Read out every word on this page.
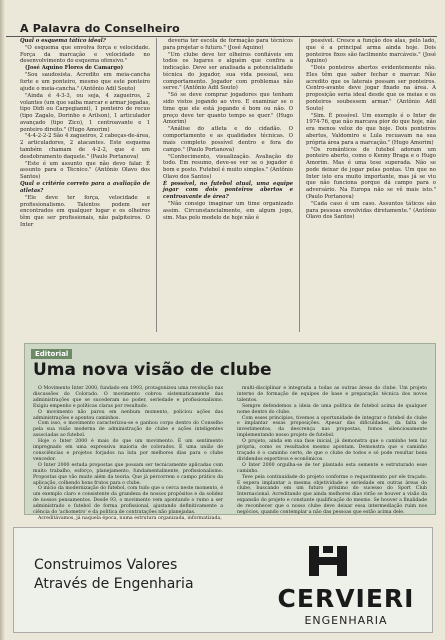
A Palavra do Conselheiro

Qual o esquema tático ideal?

"O esquema que envolva força e velocidade. Força da marcação e velocidade no desenvolvimento do esquema ofensivo."

(José Aquino Flores de Camargo)

"Sou saudosista. Acredito em meia-cancha forte e um ponteiro, mesmo que este ponteiro ajude o meia-cancha." (Antônio Adil Souto)

"Ainda é 4-3-3, ou seja, 4 zagueiros, 2 volantes (um que saiba marcar e armar jogadas, tipo Didi ou Carpegianni), 1 ponteiro de recuo (tipo Zagalo, Dorinho e Arilson), 1 articulador avançado (tipo Zico), 1 centroavante e 1 ponteiro direito." (Hugo Amorim)

"4-4-2-2-2 São 4 zagueiros, 2 cabeças-de-área, 2 articuladores, 2 atacantes. Este esquema também chamam de 4-2-2, que é um desdobramento daquele." (Paulo Portanova)

"Este é um assunto que não devo falar. É assunto para o Técnico." (Antônio Olavo dos Santos)

Qual o critério correto para a avaliação de atletas?

"Ele deve ter força, velocidade e profissionalismo. Talentos podem ser encontrados em qualquer lugar e os olheiros têm que ser profissionais, não palpiteiros. O Inter

deveria ter escola de formação para técnicos para projetar o futuro." (José Aquino)

"Um clube deve ter olheiros confiáveis em todos os lugares e alguém que confira a indicação. Deve ser analisada a potencialidade técnica do jogador, sua vida pessoal, seu comportamento. Jogador com problemas não serve." (Antônio Adil Souto)

"Só se deve comprar jogadores que tenham sido vistos jogando ao vivo. E examinar se o time que ele está jogando é bom ou não. O preço deve ter quanto tempo se quer." (Hugo Amorim)

"Análise do atleta e do cidadão. O comportamento e as qualidades técnicas. O mais completo possível dentro e fora do campo." (Paulo Portanova)

"Conhecimento, visualização. Avaliação do todo. Em resumo, deve-se ver se o jogador é bom e posto. Futebol é muito simples." (Antônio Olavo dos Santos)

É possível, no futebol atual, uma equipe jogar com dois ponteiros abertos e centroavante de área?

"Não consigo imaginar um time organizado assim. Circunstancialmente, em algum jogo, sim. Mas pelo modelo de hoje não é

possível. Cresce a função dos alas, pelo lado, que é a principal arma ainda hoje. Dois ponteiros fixos são facilmente marcáveis." (José Aquino)

"Dois ponteiros abertos evidentemente não. Eles têm que saber fechar e marcar. Não acredito que os laterais possam ser ponteiros. Centro-avante deve jogar fixado na área. A proposição seria ideal desde que os meias e os ponteiros soubessem armar." (Antônio Adil Souto)

"Sim. É possível. Um exemplo é o Inter de 1974-76, que não marcava pior do que hoje, não era menos veloz do que hoje. Dois ponteiros abertos, Valdomiro e Lula recuavam na sua própria área para a marcação." (Hugo Amorim)

"Os românticos de futebol adoram um ponteiro aberto, como o Kenny Braga e o Hugo Amorim. Mas é uma tese superada. Não se pode deixar de jogar pelas pontas. Um que no Inter isto era muito importante, mas já se viu que não funciona porque dá campo para o adversário. Na Europa não se vê mais isto." (Paulo Portanova)

"Cada caso é um caso. Assuntos táticos são para pessoas envolvidas diretamente." (Antônio Olavo dos Santos)

Editorial
Uma nova visão de clube

O Movimento Inter 2000, fundado em 1993, protagonizou uma revolução nas discussões do Colorado. O movimento cobrou sistematicamente das administrações que se sucederam no poder, seriedade e profissionalismo. Exigiu empenho e políticas claras por resultado.

O movimento não parou em nenhum momento, policiou ações das administrações e apontou caminhos.

Com isso, o movimento caracterizou-se e ganhou corpo dentro do Conselho pela sua visão moderna de administração do clube e ações inteligentes associadas ao futebol.

Hoje o Inter 2000 é mais do que um movimento. É um sentimento impregnado em uma expressiva maioria de colorados. É uma união de consciências e projetos forjados na luta por melhores dias para o clube vencedor.

O Inter 2000 estuda propostas que possam ser tecnicamente aplicadas com muito trabalho, esforço, planejamento, fundamentalmente, profissionalismo. Propostas que vão muito além da teoria. Que já percorrem o campo prático da aplicação, colhendo bons frutos para o clube.

O início da modernização do futebol, com tudo que o cerca neste momento, é um exemplo claro e consistente da grandeza de nossos propósitos e da solidez de nossos pensamentos. Desde 93, o movimento vem apontando o rumo a ser administrado o futebol de forma profissional, ajustando definitivamente a ciência do 'achometro' e da política de contratações não planejadas.

Acreditávamos, já naquela época, numa estrutura organizada, informatizada,

multi-disciplinar e integrada a todas as outras áreas do clube. Um projeto interno de formação de equipes de base e preparação técnica dos novos talentos.

Sempre defendemos a ideia de uma política de futebol acima de qualquer nome dentro do clube.

Com esses princípios, tivemos a oportunidade de integrar o futebol do clube e implantar essas proposições. Apesar das dificuldades, da falta de investimentos, da descrença nas propostas, fomos silenciosamente implementando nosso projeto de futebol.

O projeto, ainda em sua fase inicial, já demonstra que o caminho tem luz própria, como os resultados mesmo apontam. Demonstra que o caminho traçado é o caminho certo, de que o clube de todos e só pode resultar bons dividendos esportivos e econômicos.

O Inter 2000 orgulha-se de ter plantado esta semente e estruturado esse caminho.

Teve pela continuidade do projeto conforme o requerimento por ele traçado. E espera implantar a mesma objetividade e seriedade em outras áreas do clube, buscando em um futuro próximo do sucesso do Sport Club Internacional. Acreditando que ainda melhores dias virão se houver a visão da expansão do projeto e constante qualificação do mesmo. Se houver a finalidade de reconhecer que o nosso clube deve deixar essa intermediação ruim nos negócios, quando contemplar a não das pessoas que estão acima dele.

Construimos Valores
Através de Engenharia	CERVIERI
ENGENHARIA
